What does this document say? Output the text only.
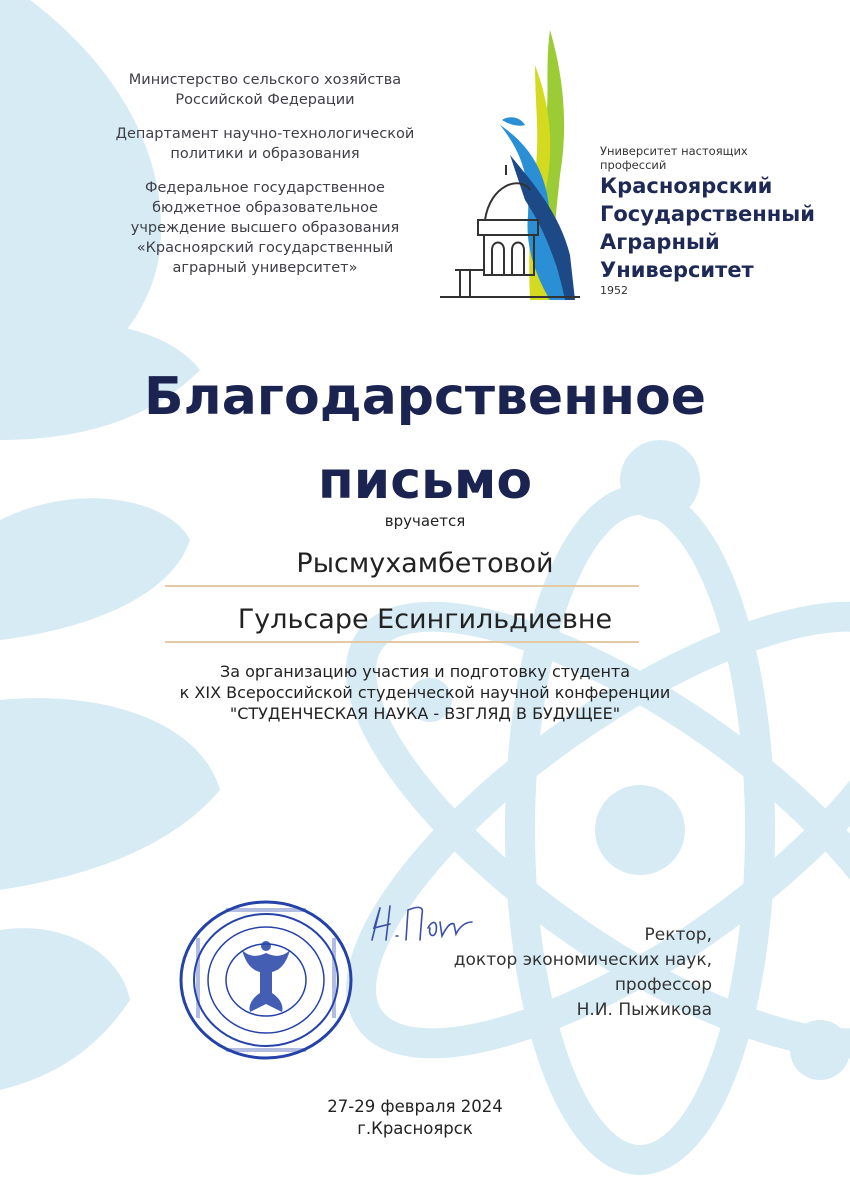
Министерство сельского хозяйства
Российской Федерации
Департамент научно-технологической
политики и образования
Федеральное государственное
бюджетное образовательное
учреждение высшего образования
«Красноярский государственный
аграрный университет»
Университет настоящих
профессий
Красноярский
Государственный
Аграрный
Университет
1952
Благодарственное
письмо
вручается
Рысмухамбетовой
Гульсаре Есингильдиевне
За организацию участия и подготовку студента
к XIX Всероссийской студенческой научной конференции
"СТУДЕНЧЕСКАЯ НАУКА - ВЗГЛЯД В БУДУЩЕЕ"
Ректор,
доктор экономических наук,
профессор
Н.И. Пыжикова
27-29 февраля 2024
г.Красноярск
